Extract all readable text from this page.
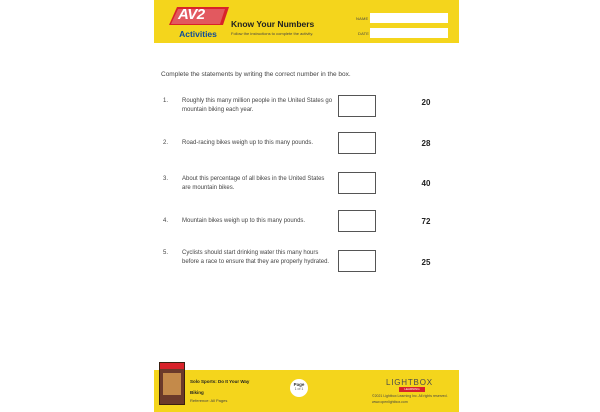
AV2
Activities
Know Your Numbers
Follow the instructions to complete the activity.
NAME
DATE
Complete the statements by writing the correct number in the box.
1. Roughly this many million people in the United States go mountain biking each year.
20
2. Road-racing bikes weigh up to this many pounds.	28
3. About this percentage of all bikes in the United States are mountain bikes.	40
4. Mountain bikes weigh up to this many pounds.	72
5. Cyclists should start drinking water this many hours before a race to ensure that they are properly hydrated.	25
Solo Sports: Do It Your Way
Biking
Reference: All Pages
Page
1 of 1
LIGHTBOX
LEARNING
©2021 Lightbox Learning Inc. All rights reserved.
www.openlightbox.com
